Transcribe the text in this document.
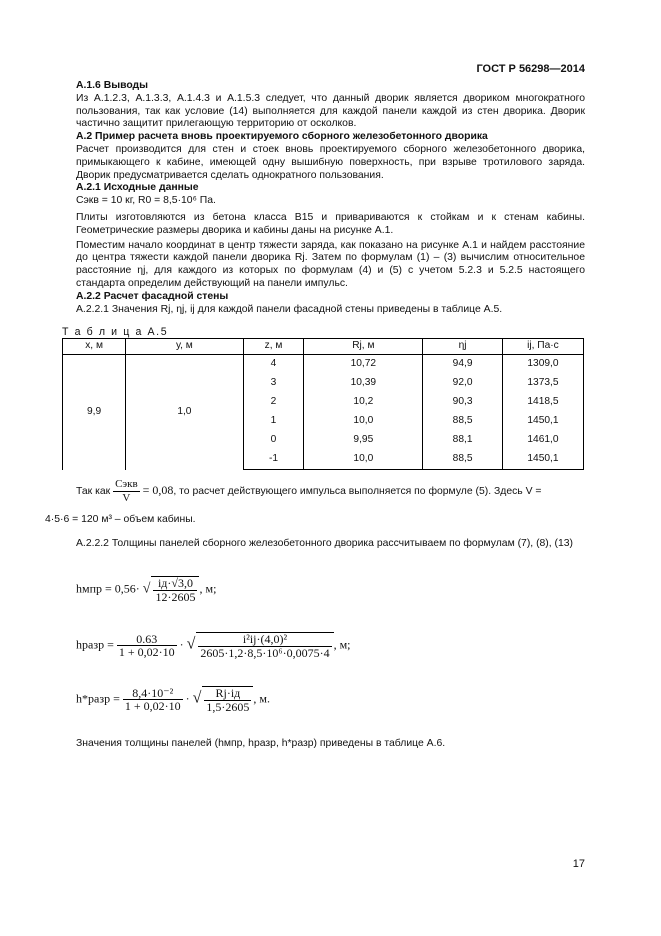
ГОСТ Р 56298—2014

А.1.6 Выводы

Из А.1.2.3, А.1.3.3, А.1.4.3 и А.1.5.3 следует, что данный дворик является двориком многократного пользования, так как условие (14) выполняется для каждой панели каждой из стен дворика. Дворик частично защитит прилегающую территорию от осколков.

А.2 Пример расчета вновь проектируемого сборного железобетонного дворика

Расчет производится для стен и стоек вновь проектируемого сборного железобетонного дворика, примыкающего к кабине, имеющей одну вышибную поверхность, при взрыве тротилового заряда. Дворик предусматривается сделать однократного пользования.

А.2.1 Исходные данные

Cэкв = 10 кг, R0 = 8,5·10⁶ Па.

Плиты изготовляются из бетона класса В15 и привариваются к стойкам и к стенам кабины. Геометрические размеры дворика и кабины даны на рисунке А.1.

Поместим начало координат в центр тяжести заряда, как показано на рисунке А.1 и найдем расстояние до центра тяжести каждой панели дворика Rj. Затем по формулам (1) – (3) вычислим относительное расстояние ηj, для каждого из которых по формулам (4) и (5) с учетом 5.2.3 и 5.2.5 настоящего стандарта определим действующий на панели импульс.

А.2.2 Расчет фасадной стены

А.2.2.1 Значения Rj, ηj, ij для каждой панели фасадной стены приведены в таблице А.5.

Т а б л и ц а А.5
х, м	у, м	z, м	Rj, м	ηj	ij, Па·с
9,9	1,0	4	10,72	94,9	1309,0
		3	10,39	92,0	1373,5
		2	10,2	90,3	1418,5
		1	10,0	88,5	1450,1
		0	9,95	88,1	1461,0
		-1	10,0	88,5	1450,1
Так как $\frac{\text{Cэкв}}{V} = 0,08$, то расчет действующего импульса выполняется по формуле (5). Здесь V =
4·5·6 = 120 м³ – объем кабины.
А.2.2.2 Толщины панелей сборного железобетонного дворика рассчитываем по формулам (7), (8), (13)
hмпр = 0,56· √ $\frac{iд\cdot√3,0}{12\cdot 2605}$ , м;
hразр = $\frac{0.63}{1 + 0,02\cdot 10}$ · √ $\frac{\text{i²ij·(4,0)²}}{\text{2605·1,2·8,5·10⁶·0,0075·4}}$ , м;
h*разр = $\frac{\text{8,4·10⁻²}}{1 + 0,02\cdot 10}$ · √ $\frac{Rj\cdot iд}{1,5\cdot 2605}$ , м.
Значения толщины панелей (hмпр, hразр, h*разр) приведены в таблице А.6.
17
